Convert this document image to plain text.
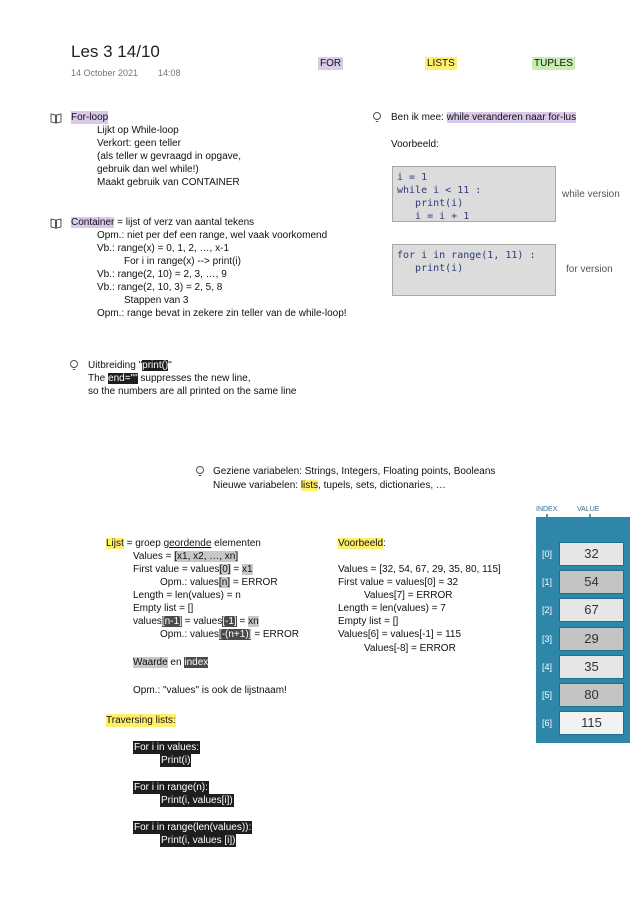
Les 3 14/10
14 October 2021 14:08
FOR	LISTS	TUPLES
For-loop
Lijkt op While-loop
Verkort: geen teller
(als teller w gevraagd in opgave,
gebruik dan wel while!)
Maakt gebruik van CONTAINER
Container = lijst of verz van aantal tekens
Opm.: niet per def een range, wel vaak voorkomend
Vb.: range(x) = 0, 1, 2, …, x-1
For i in range(x) --> print(i)
Vb.: range(2, 10) = 2, 3, …, 9
Vb.: range(2, 10, 3) = 2, 5, 8
Stappen van 3
Opm.: range bevat in zekere zin teller van de while-loop!
Ben ik mee: while veranderen naar for-lus
Voorbeeld:
i = 1
while i < 11 :
print(i)
i = i + 1
while version
for i in range(1, 11) :
print(i)	for version
Uitbreiding "print()"
The end="" suppresses the new line,
so the numbers are all printed on the same line
Geziene variabelen: Strings, Integers, Floating points, Booleans
Nieuwe variabelen: lists, tupels, sets, dictionaries, …
Lijst = groep geordende elementen
Values = [x1, x2, …, xn]
First value = values[0] = x1
Opm.: values[n] = ERROR
Length = len(values) = n
Empty list = []
values[n-1] = values[-1] = xn
Opm.: values[-(n+1)] = ERROR
Waarde en index
Opm.: "values" is ook de lijstnaam!
Voorbeeld:
Values = [32, 54, 67, 29, 35, 80, 115]
First value = values[0] = 32
Values[7] = ERROR
Length = len(values) = 7
Empty list = []
Values[6] = values[-1] = 115
Values[-8] = ERROR
Traversing lists:
For i in values:
Print(i)
For i in range(n):
Print(i, values[i])
For i in range(len(values)):
Print(i, values [i])
INDEX	VALUE
[0]	32
[1]	54
[2]	67
[3]	29
[4]	35
[5]	80
[6]	115
